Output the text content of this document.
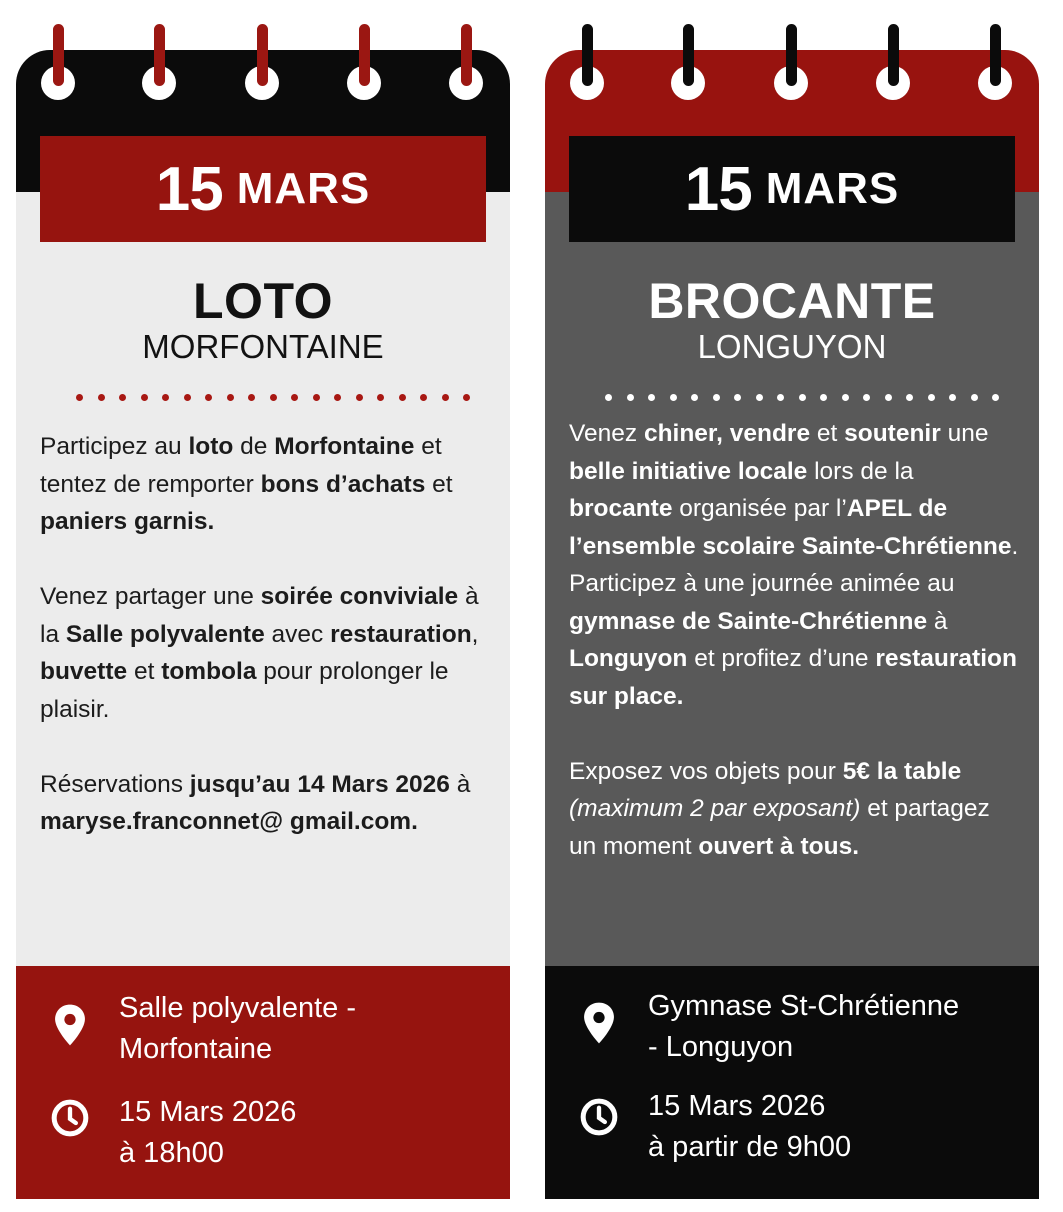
15 MARS
LOTO
MORFONTAINE

Participez au loto de Morfontaine et tentez de remporter bons d’achats et paniers garnis.

Venez partager une soirée conviviale à la Salle polyvalente avec restauration, buvette et tombola pour prolonger le plaisir.

Réservations jusqu’au 14 Mars 2026 à maryse.franconnet@ gmail.com.

Salle polyvalente -
Morfontaine
15 Mars 2026
à 18h00
15 MARS
BROCANTE
LONGUYON

Venez chiner, vendre et soutenir une belle initiative locale lors de la brocante organisée par l’APEL de l’ensemble scolaire Sainte-Chrétienne. Participez à une journée animée au gymnase de Sainte-Chrétienne à Longuyon et profitez d’une restauration sur place.

Exposez vos objets pour 5€ la table (maximum 2 par exposant) et partagez un moment ouvert à tous.

Gymnase St-Chrétienne
- Longuyon
15 Mars 2026
à partir de 9h00
